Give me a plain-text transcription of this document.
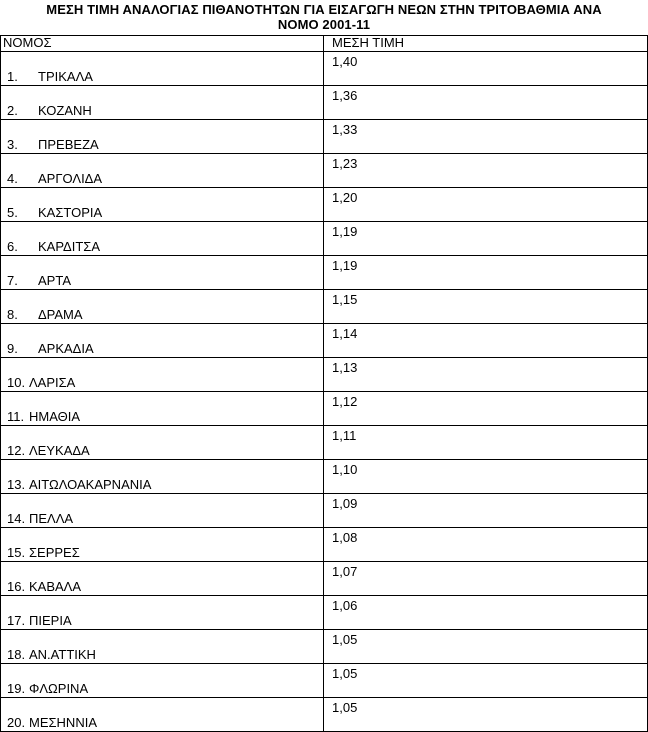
ΜΕΣΗ ΤΙΜΗ ΑΝΑΛΟΓΙΑΣ ΠΙΘΑΝΟΤΗΤΩΝ ΓΙΑ ΕΙΣΑΓΩΓΗ ΝΕΩΝ ΣΤΗΝ ΤΡΙΤΟΒΑΘΜΙΑ ΑΝΑ
ΝΟΜΟ 2001-11
ΝΟΜΟΣ	ΜΕΣΗ ΤΙΜΗ
1. ΤΡΙΚΑΛΑ	1,40
2. ΚΟΖΑΝΗ	1,36
3. ΠΡΕΒΕΖΑ	1,33
4. ΑΡΓΟΛΙΔΑ	1,23
5. ΚΑΣΤΟΡΙΑ	1,20
6. ΚΑΡΔΙΤΣΑ	1,19
7. ΑΡΤΑ	1,19
8. ΔΡΑΜΑ	1,15
9. ΑΡΚΑΔΙΑ	1,14
10. ΛΑΡΙΣΑ	1,13
11. ΗΜΑΘΙΑ	1,12
12. ΛΕΥΚΑΔΑ	1,11
13. ΑΙΤΩΛΟΑΚΑΡΝΑΝΙΑ	1,10
14. ΠΕΛΛΑ	1,09
15. ΣΕΡΡΕΣ	1,08
16. ΚΑΒΑΛΑ	1,07
17. ΠΙΕΡΙΑ	1,06
18. ΑΝ.ΑΤΤΙΚΗ	1,05
19. ΦΛΩΡΙΝΑ	1,05
20. ΜΕΣΗΝΝΙΑ	1,05
